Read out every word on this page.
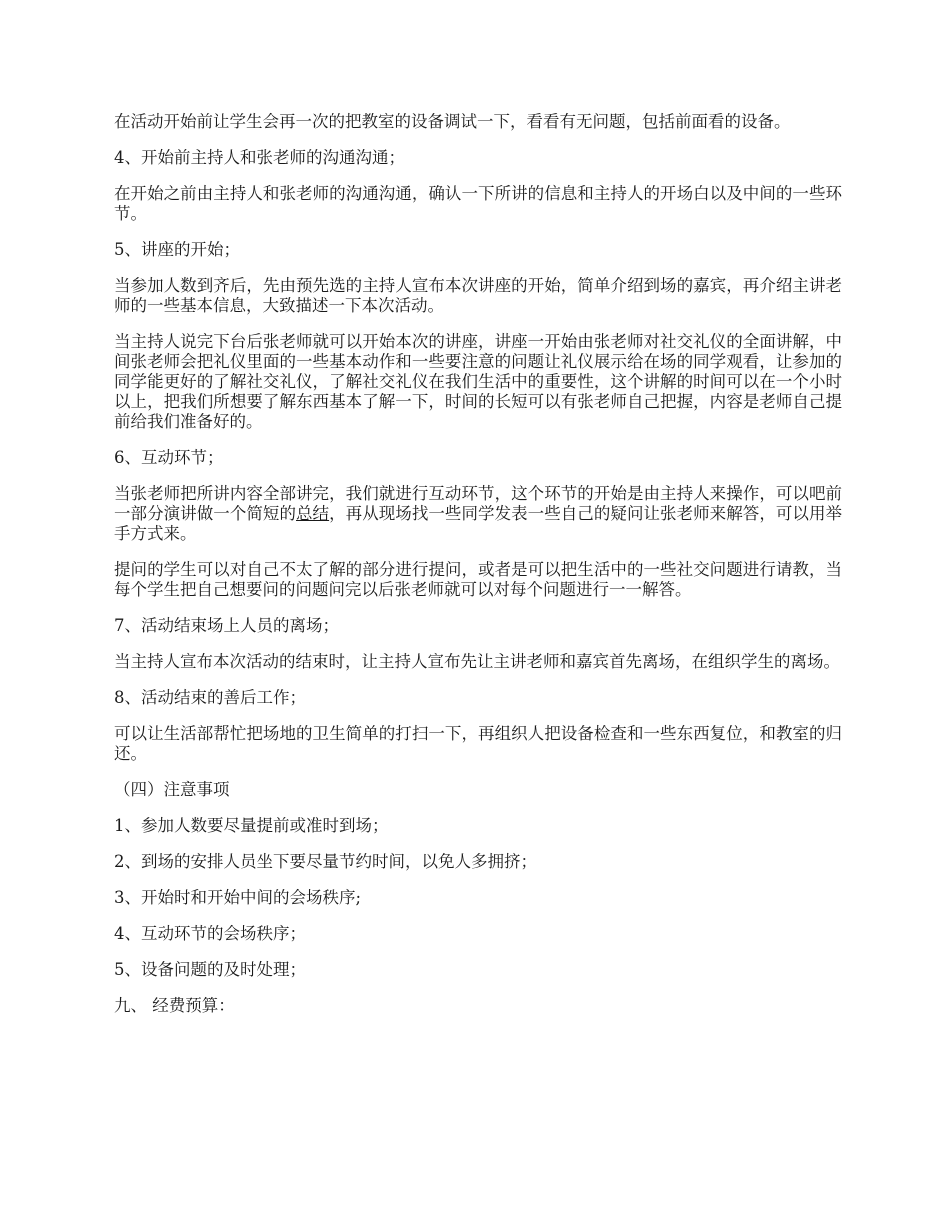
在活动开始前让学生会再一次的把教室的设备调试一下，看看有无问题，包括前面看的设备。

4、开始前主持人和张老师的沟通沟通；

在开始之前由主持人和张老师的沟通沟通，确认一下所讲的信息和主持人的开场白以及中间的一些环节。

5、讲座的开始；

当参加人数到齐后，先由预先选的主持人宣布本次讲座的开始，简单介绍到场的嘉宾，再介绍主讲老师的一些基本信息，大致描述一下本次活动。

当主持人说完下台后张老师就可以开始本次的讲座，讲座一开始由张老师对社交礼仪的全面讲解，中间张老师会把礼仪里面的一些基本动作和一些要注意的问题让礼仪展示给在场的同学观看，让参加的同学能更好的了解社交礼仪，了解社交礼仪在我们生活中的重要性，这个讲解的时间可以在一个小时以上，把我们所想要了解东西基本了解一下，时间的长短可以有张老师自己把握，内容是老师自己提前给我们准备好的。

6、互动环节；

当张老师把所讲内容全部讲完，我们就进行互动环节，这个环节的开始是由主持人来操作，可以吧前一部分演讲做一个简短的总结，再从现场找一些同学发表一些自己的疑问让张老师来解答，可以用举手方式来。

提问的学生可以对自己不太了解的部分进行提问，或者是可以把生活中的一些社交问题进行请教，当每个学生把自己想要问的问题问完以后张老师就可以对每个问题进行一一解答。

7、活动结束场上人员的离场；

当主持人宣布本次活动的结束时，让主持人宣布先让主讲老师和嘉宾首先离场，在组织学生的离场。

8、活动结束的善后工作；

可以让生活部帮忙把场地的卫生简单的打扫一下，再组织人把设备检查和一些东西复位，和教室的归还。

（四）注意事项

1、参加人数要尽量提前或准时到场；

2、到场的安排人员坐下要尽量节约时间，以免人多拥挤；

3、开始时和开始中间的会场秩序;

4、互动环节的会场秩序；

5、设备问题的及时处理；

九、 经费预算：
